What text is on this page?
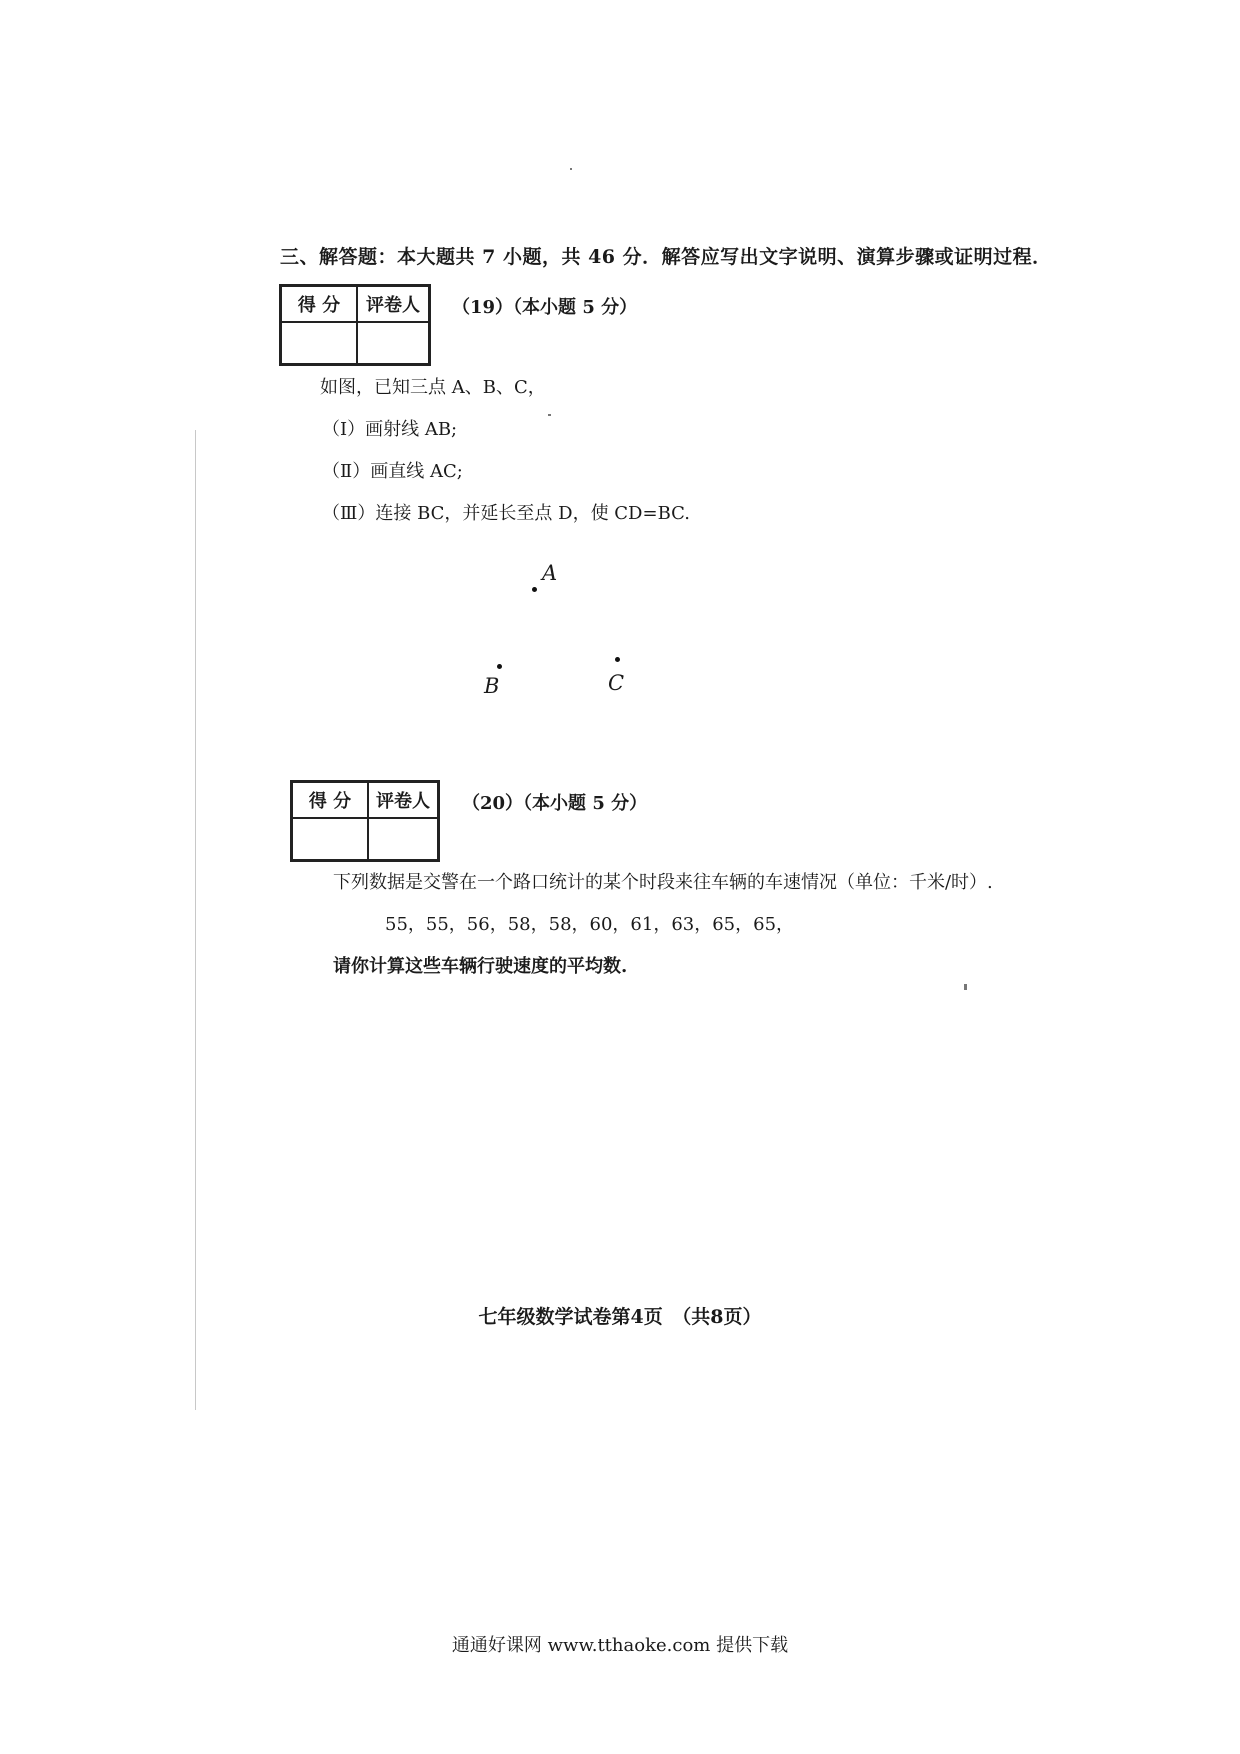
三、解答题：本大题共 7 小题，共 46 分．解答应写出文字说明、演算步骤或证明过程．
得 分	评卷人
	（19）（本小题 5 分）
如图，已知三点 A、B、C，
（Ⅰ）画射线 AB;
（Ⅱ）画直线 AC;
（Ⅲ）连接 BC，并延长至点 D，使 CD=BC.
A
B	C
得 分	评卷人
	（20）（本小题 5 分）
下列数据是交警在一个路口统计的某个时段来往车辆的车速情况（单位：千米/时）.
55，55，56，58，58，60，61，63，65，65，
请你计算这些车辆行驶速度的平均数.
七年级数学试卷第4页　（共8页）
通通好课网 www.tthaoke.com 提供下载
